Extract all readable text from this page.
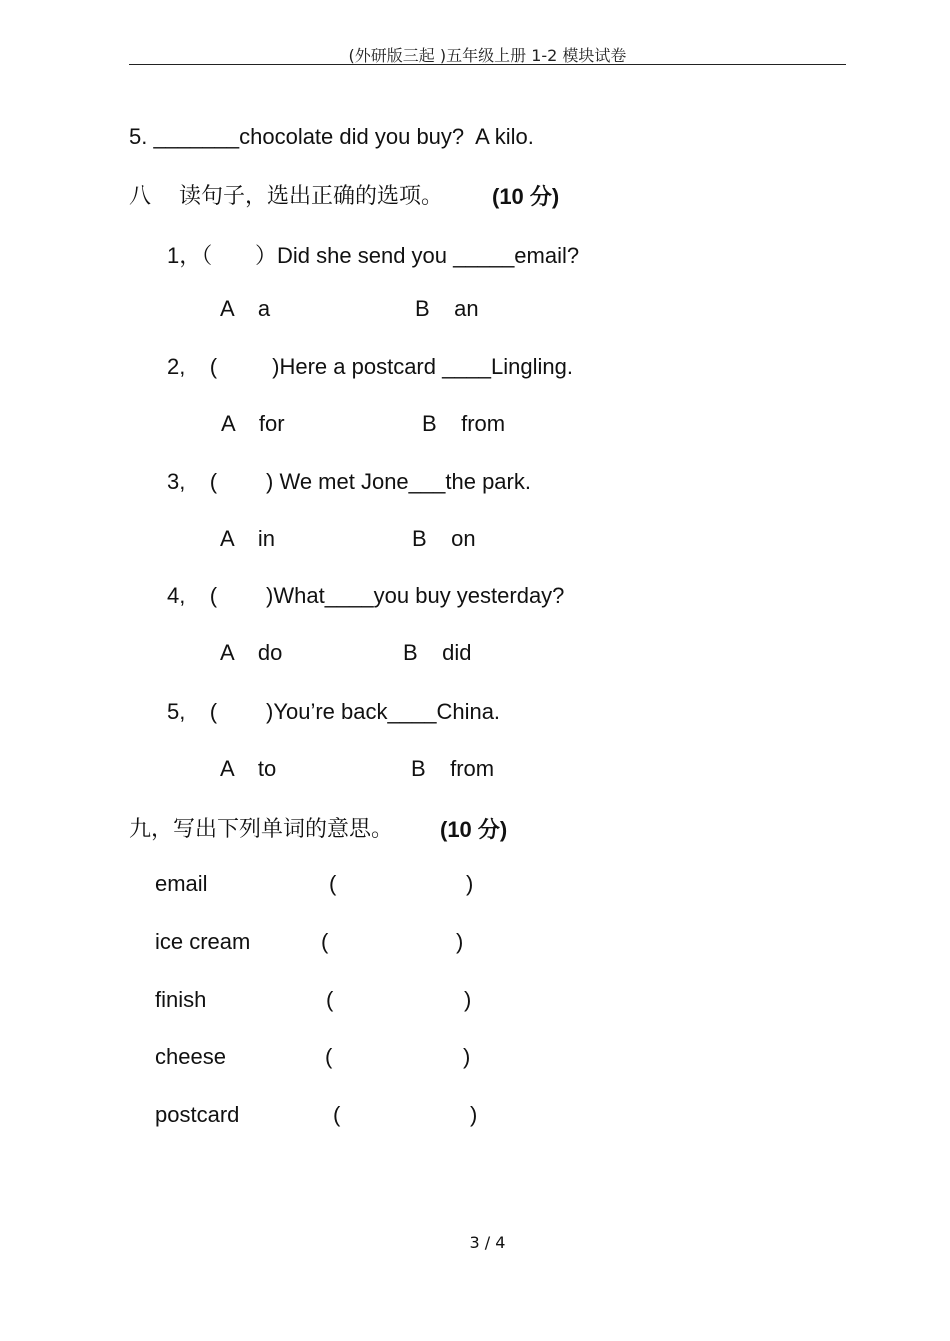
(外研版三起 )五年级上册 1-2 模块试卷
5. _______chocolate did you buy?  A kilo.
八    读句子，选出正确的选项。 (10 分)
1，（       ）Did she send you _____email?
A    a	B    an
2,    (         )Here a postcard ____Lingling.
A    for	B    from
3,    (        ) We met Jone___the park.
A    in	B    on
4,    (        )What____you buy yesterday?
A    do	B    did
5,    (        )You’re back____China.
A    to	B    from
九，写出下列单词的意思。 (10 分)
email	(	)
ice cream	(	)
finish	(	)
cheese	(	)
postcard	(	)
3 / 4
